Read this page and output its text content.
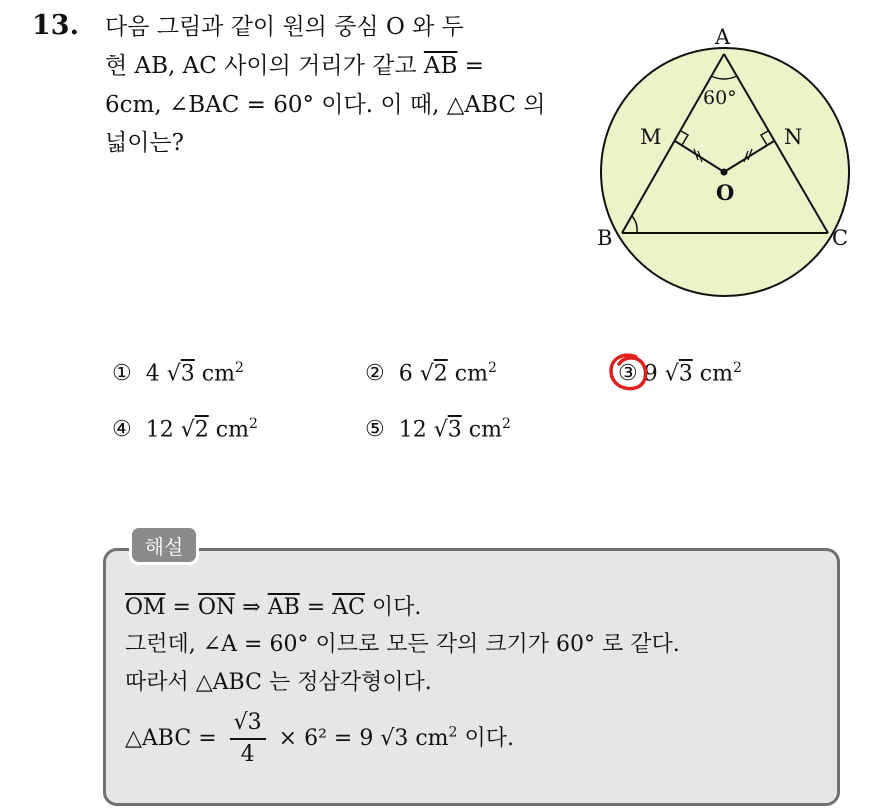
13. 다음 그림과 같이 원의 중심 O 와 두
현 AB, AC 사이의 거리가 같고 $\overline{AB}$ =
6cm, ∠BAC = 60° 이다. 이 때, △ABC 의
넓이는?
A
60°
M	N
O
B	C
① 4 √3 $cm^2$	② 6 √2 $cm^2$	③ 9 √3 $cm^2$
④ 12 √2 $cm^2$	⑤ 12 √3 $cm^2$
해설
$\overline{OM} = \overline{ON}$ ⇒ $\overline{AB} = \overline{AC}$ 이다.
그런데, ∠A = 60° 이므로 모든 각의 크기가 60° 로 같다.
따라서 △ABC 는 정삼각형이다.
△ABC = $\frac{√3}{4} \times 6^2 = 9$ √3 $cm^2$ 이다.
